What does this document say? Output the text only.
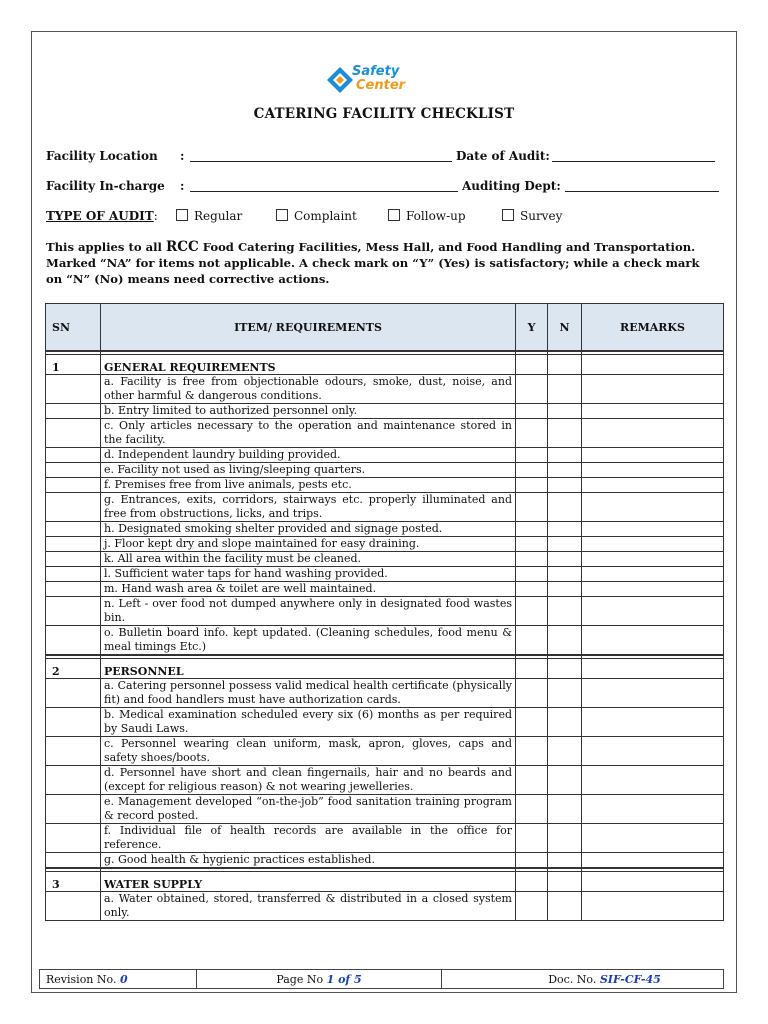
Safety
Center
CATERING FACILITY CHECKLIST
Facility Location :	Date of Audit:
Facility In-charge :	Auditing Dept:
TYPE OF AUDIT:	Regular	Complaint	Follow-up	Survey
This applies to all RCC Food Catering Facilities, Mess Hall, and Food Handling and Transportation. Marked “NA” for items not applicable. A check mark on “Y” (Yes) is satisfactory; while a check mark on “N” (No) means need corrective actions.
SN	ITEM/ REQUIREMENTS	Y	N	REMARKS

1	GENERAL REQUIREMENTS			
	a. Facility is free from objectionable odours, smoke, dust, noise, and other harmful & dangerous conditions.			
	b. Entry limited to authorized personnel only.			
	c. Only articles necessary to the operation and maintenance stored in the facility.			
	d. Independent laundry building provided.			
	e. Facility not used as living/sleeping quarters.			
	f. Premises free from live animals, pests etc.			
	g. Entrances, exits, corridors, stairways etc. properly illuminated and free from obstructions, licks, and trips.			
	h. Designated smoking shelter provided and signage posted.			
	j. Floor kept dry and slope maintained for easy draining.			
	k. All area within the facility must be cleaned.			
	l. Sufficient water taps for hand washing provided.			
	m. Hand wash area & toilet are well maintained.			
	n. Left - over food not dumped anywhere only in designated food wastes bin.			
	o. Bulletin board info. kept updated. (Cleaning schedules, food menu & meal timings Etc.)			

2	PERSONNEL			
	a. Catering personnel possess valid medical health certificate (physically fit) and food handlers must have authorization cards.			
	b. Medical examination scheduled every six (6) months as per required by Saudi Laws.			
	c. Personnel wearing clean uniform, mask, apron, gloves, caps and safety shoes/boots.			
	d. Personnel have short and clean fingernails, hair and no beards and (except for religious reason) & not wearing jewelleries.			
	e. Management developed “on-the-job” food sanitation training program & record posted.			
	f. Individual file of health records are available in the office for reference.			
	g. Good health & hygienic practices established.			

3	WATER SUPPLY			
	a. Water obtained, stored, transferred & distributed in a closed system only.			
Revision No. 0	Page No 1 of 5	Doc. No. SIF-CF-45
